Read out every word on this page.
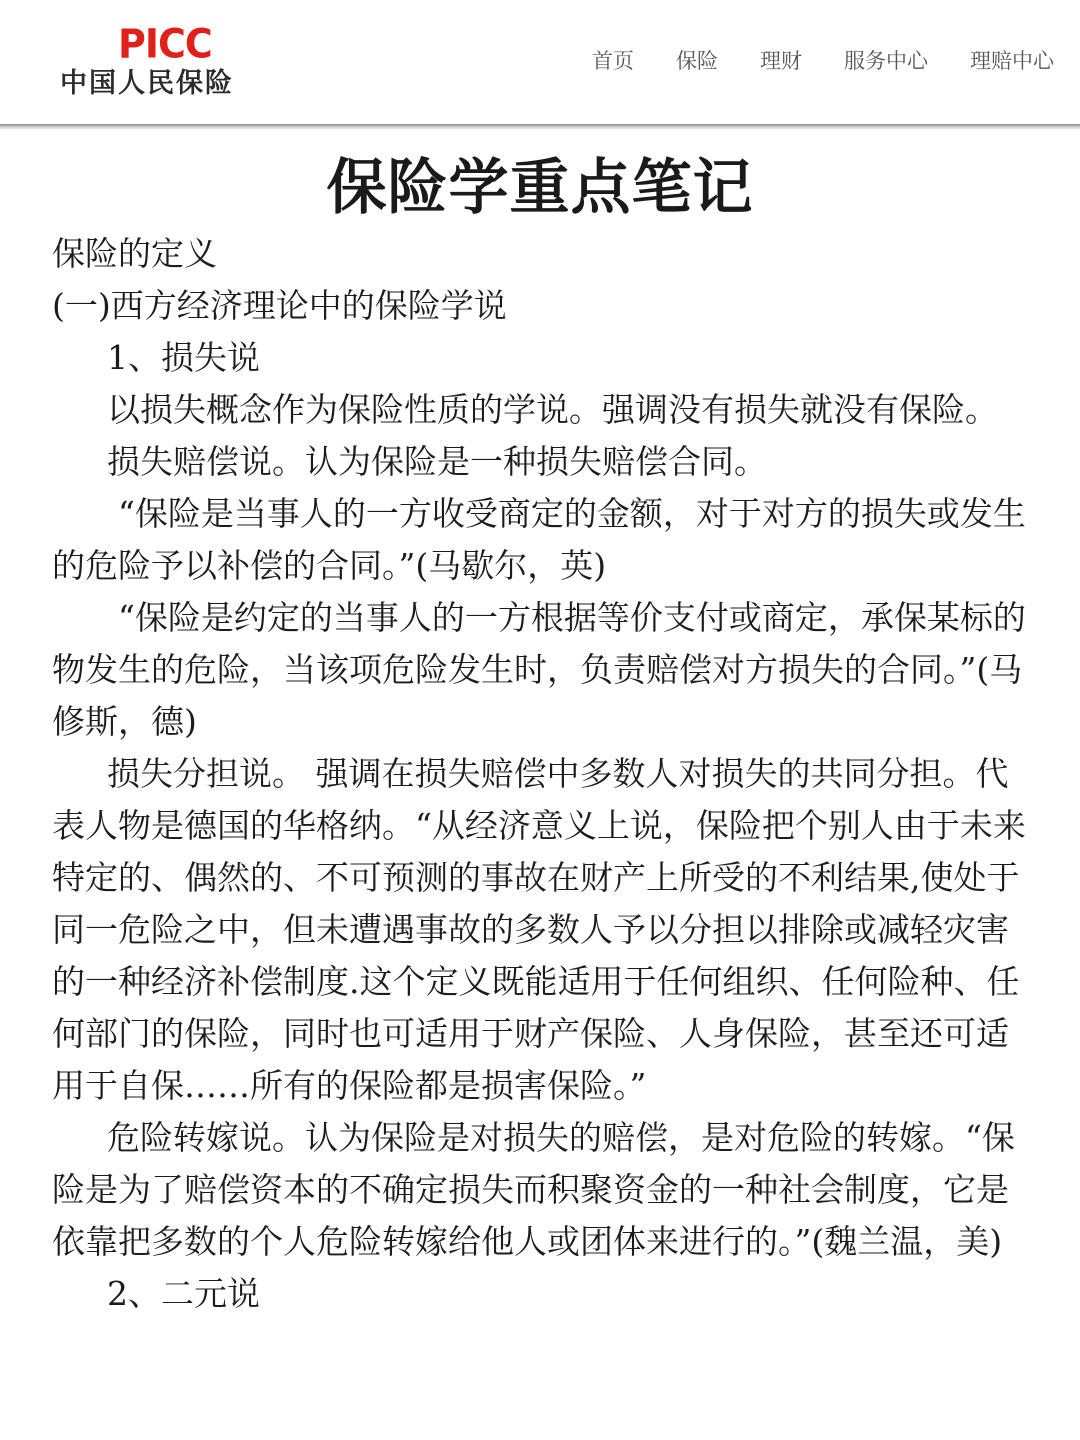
PICC
中国人民保险
首页 保险 理财 服务中心 理赔中心
保险学重点笔记

保险的定义

(一)西方经济理论中的保险学说

1、损失说

以损失概念作为保险性质的学说。强调没有损失就没有保险。

损失赔偿说。认为保险是一种损失赔偿合同。

“保险是当事人的一方收受商定的金额，对于对方的损失或发生的危险予以补偿的合同。”(马歇尔，英)

“保险是约定的当事人的一方根据等价支付或商定，承保某标的物发生的危险，当该项危险发生时，负责赔偿对方损失的合同。”(马修斯，德)

损失分担说。 强调在损失赔偿中多数人对损失的共同分担。代表人物是德国的华格纳。“从经济意义上说，保险把个别人由于未来特定的、偶然的、不可预测的事故在财产上所受的不利结果,使处于同一危险之中，但未遭遇事故的多数人予以分担以排除或减轻灾害的一种经济补偿制度.这个定义既能适用于任何组织、任何险种、任何部门的保险，同时也可适用于财产保险、人身保险，甚至还可适用于自保……所有的保险都是损害保险。”

危险转嫁说。认为保险是对损失的赔偿，是对危险的转嫁。“保险是为了赔偿资本的不确定损失而积聚资金的一种社会制度，它是依靠把多数的个人危险转嫁给他人或团体来进行的。”(魏兰温，美)

2、二元说
